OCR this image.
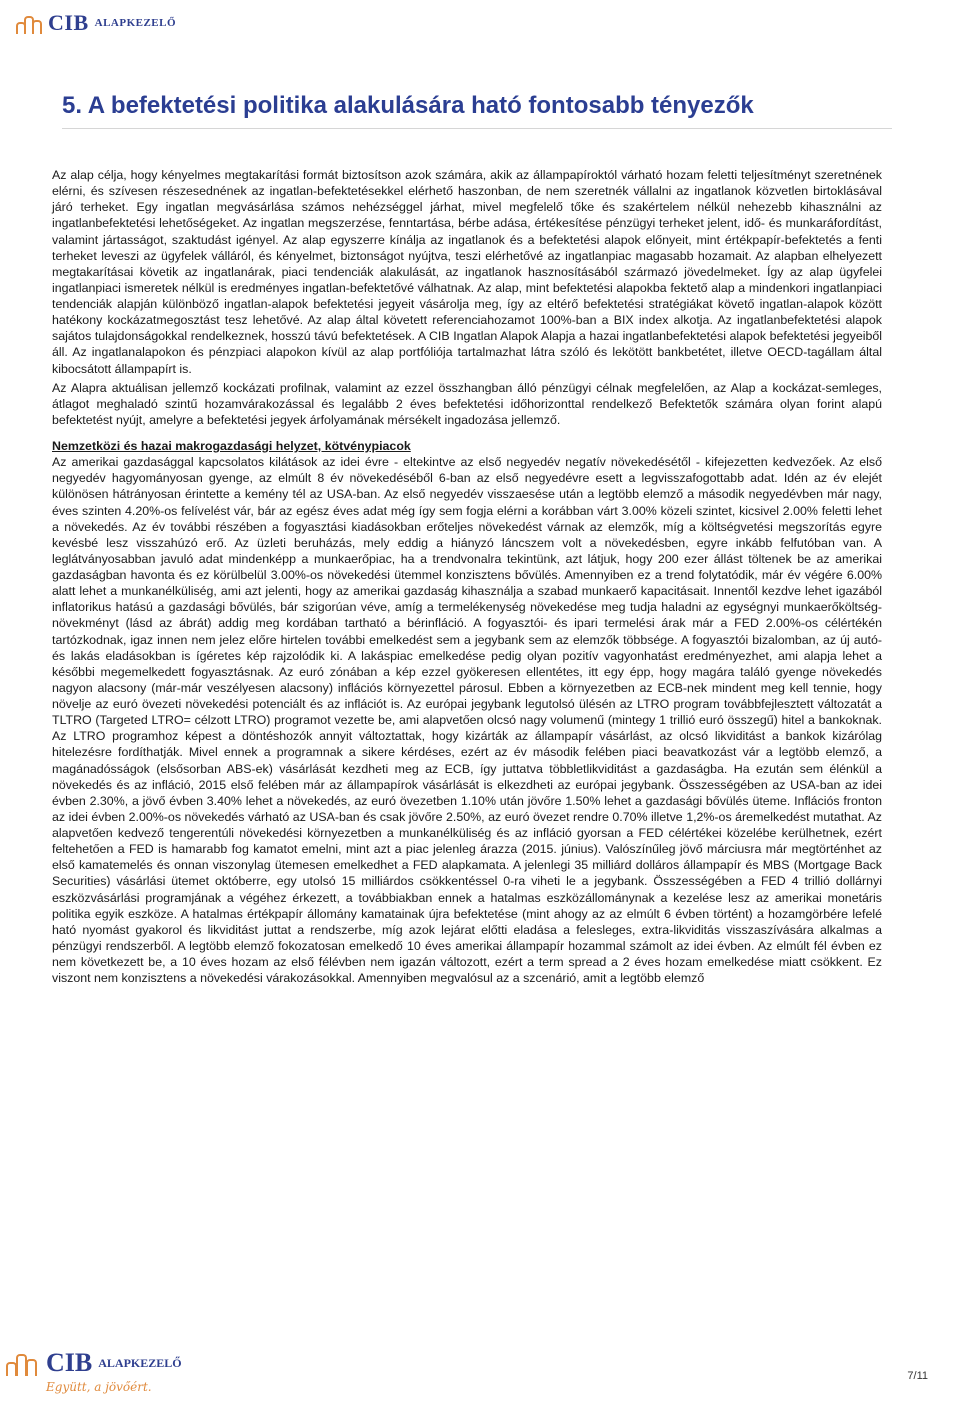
CIB ALAPKEZELŐ
5. A befektetési politika alakulására ható fontosabb tényezők

Az alap célja, hogy kényelmes megtakarítási formát biztosítson azok számára, akik az állampapíroktól várható hozam feletti teljesítményt szeretnének elérni, és szívesen részesednének az ingatlan-befektetésekkel elérhető haszonban, de nem szeretnék vállalni az ingatlanok közvetlen birtoklásával járó terheket. Egy ingatlan megvásárlása számos nehézséggel járhat, mivel megfelelő tőke és szakértelem nélkül nehezebb kihasználni az ingatlanbefektetési lehetőségeket. Az ingatlan megszerzése, fenntartása, bérbe adása, értékesítése pénzügyi terheket jelent, idő- és munkaráfordítást, valamint jártasságot, szaktudást igényel. Az alap egyszerre kínálja az ingatlanok és a befektetési alapok előnyeit, mint értékpapír-befektetés a fenti terheket leveszi az ügyfelek válláról, és kényelmet, biztonságot nyújtva, teszi elérhetővé az ingatlanpiac magasabb hozamait. Az alapban elhelyezett megtakarításai követik az ingatlanárak, piaci tendenciák alakulását, az ingatlanok hasznosításából származó jövedelmeket. Így az alap ügyfelei ingatlanpiaci ismeretek nélkül is eredményes ingatlan-befektetővé válhatnak. Az alap, mint befektetési alapokba fektető alap a mindenkori ingatlanpiaci tendenciák alapján különböző ingatlan-alapok befektetési jegyeit vásárolja meg, így az eltérő befektetési stratégiákat követő ingatlan-alapok között hatékony kockázatmegosztást tesz lehetővé. Az alap által követett referenciahozamot 100%-ban a BIX index alkotja. Az ingatlanbefektetési alapok sajátos tulajdonságokkal rendelkeznek, hosszú távú befektetések. A CIB Ingatlan Alapok Alapja a hazai ingatlanbefektetési alapok befektetési jegyeiből áll. Az ingatlanalapokon és pénzpiaci alapokon kívül az alap portfóliója tartalmazhat látra szóló és lekötött bankbetétet, illetve OECD-tagállam által kibocsátott állampapírt is.

Az Alapra aktuálisan jellemző kockázati profilnak, valamint az ezzel összhangban álló pénzügyi célnak megfelelően, az Alap a kockázat-semleges, átlagot meghaladó szintű hozamvárakozással és legalább 2 éves befektetési időhorizonttal rendelkező Befektetők számára olyan forint alapú befektetést nyújt, amelyre a befektetési jegyek árfolyamának mérsékelt ingadozása jellemző.

Nemzetközi és hazai makrogazdasági helyzet, kötvénypiacok

Az amerikai gazdasággal kapcsolatos kilátások az idei évre - eltekintve az első negyedév negatív növekedésétől - kifejezetten kedvezőek. Az első negyedév hagyományosan gyenge, az elmúlt 8 év növekedéséből 6-ban az első negyedévre esett a legvisszafogottabb adat. Idén az év elejét különösen hátrányosan érintette a kemény tél az USA-ban. Az első negyedév visszaesése után a legtöbb elemző a második negyedévben már nagy, éves szinten 4.20%-os felívelést vár, bár az egész éves adat még így sem fogja elérni a korábban várt 3.00% közeli szintet, kicsivel 2.00% feletti lehet a növekedés. Az év további részében a fogyasztási kiadásokban erőteljes növekedést várnak az elemzők, míg a költségvetési megszorítás egyre kevésbé lesz visszahúzó erő. Az üzleti beruházás, mely eddig a hiányzó láncszem volt a növekedésben, egyre inkább felfutóban van. A leglátványosabban javuló adat mindenképp a munkaerőpiac, ha a trendvonalra tekintünk, azt látjuk, hogy 200 ezer állást töltenek be az amerikai gazdaságban havonta és ez körülbelül 3.00%-os növekedési ütemmel konzisztens bővülés. Amennyiben ez a trend folytatódik, már év végére 6.00% alatt lehet a munkanélküliség, ami azt jelenti, hogy az amerikai gazdaság kihasználja a szabad munkaerő kapacitásait. Innentől kezdve lehet igazából inflatorikus hatású a gazdasági bővülés, bár szigorúan véve, amíg a termelékenység növekedése meg tudja haladni az egységnyi munkaerőköltség-növekményt (lásd az ábrát) addig meg kordában tartható a bérinfláció. A fogyasztói- és ipari termelési árak már a FED 2.00%-os célértékén tartózkodnak, igaz innen nem jelez előre hirtelen további emelkedést sem a jegybank sem az elemzők többsége. A fogyasztói bizalomban, az új autó- és lakás eladásokban is ígéretes kép rajzolódik ki. A lakáspiac emelkedése pedig olyan pozitív vagyonhatást eredményezhet, ami alapja lehet a későbbi megemelkedett fogyasztásnak. Az euró zónában a kép ezzel gyökeresen ellentétes, itt egy épp, hogy magára találó gyenge növekedés nagyon alacsony (már-már veszélyesen alacsony) inflációs környezettel párosul. Ebben a környezetben az ECB-nek mindent meg kell tennie, hogy növelje az euró övezeti növekedési potenciált és az inflációt is. Az európai jegybank legutolsó ülésén az LTRO program továbbfejlesztett változatát a TLTRO (Targeted LTRO= célzott LTRO) programot vezette be, ami alapvetően olcsó nagy volumenű (mintegy 1 trillió euró összegű) hitel a bankoknak. Az LTRO programhoz képest a döntéshozók annyit változtattak, hogy kizárták az állampapír vásárlást, az olcsó likviditást a bankok kizárólag hitelezésre fordíthatják. Mivel ennek a programnak a sikere kérdéses, ezért az év második felében piaci beavatkozást vár a legtöbb elemző, a magánadósságok (elsősorban ABS-ek) vásárlását kezdheti meg az ECB, így juttatva többletlikviditást a gazdaságba. Ha ezután sem élénkül a növekedés és az infláció, 2015 első felében már az állampapírok vásárlását is elkezdheti az európai jegybank. Összességében az USA-ban az idei évben 2.30%, a jövő évben 3.40% lehet a növekedés, az euró övezetben 1.10% után jövőre 1.50% lehet a gazdasági bővülés üteme. Inflációs fronton az idei évben 2.00%-os növekedés várható az USA-ban és csak jövőre 2.50%, az euró övezet rendre 0.70% illetve 1,2%-os áremelkedést mutathat. Az alapvetően kedvező tengerentúli növekedési környezetben a munkanélküliség és az infláció gyorsan a FED célértékei közelébe kerülhetnek, ezért feltehetően a FED is hamarabb fog kamatot emelni, mint azt a piac jelenleg árazza (2015. június). Valószínűleg jövő márciusra már megtörténhet az első kamatemelés és onnan viszonylag ütemesen emelkedhet a FED alapkamata. A jelenlegi 35 milliárd dolláros állampapír és MBS (Mortgage Back Securities) vásárlási ütemet októberre, egy utolsó 15 milliárdos csökkentéssel 0-ra viheti le a jegybank. Összességében a FED 4 trillió dollárnyi eszközvásárlási programjának a végéhez érkezett, a továbbiakban ennek a hatalmas eszközállománynak a kezelése lesz az amerikai monetáris politika egyik eszköze. A hatalmas értékpapír állomány kamatainak újra befektetése (mint ahogy az az elmúlt 6 évben történt) a hozamgörbére lefelé ható nyomást gyakorol és likviditást juttat a rendszerbe, míg azok lejárat előtti eladása a felesleges, extra-likviditás visszaszívására alkalmas a pénzügyi rendszerből. A legtöbb elemző fokozatosan emelkedő 10 éves amerikai állampapír hozammal számolt az idei évben. Az elmúlt fél évben ez nem következett be, a 10 éves hozam az első félévben nem igazán változott, ezért a term spread a 2 éves hozam emelkedése miatt csökkent. Ez viszont nem konzisztens a növekedési várakozásokkal. Amennyiben megvalósul az a szcenárió, amit a legtöbb elemző

CIB ALAPKEZELŐ
Együtt, a jövőért.
7/11
